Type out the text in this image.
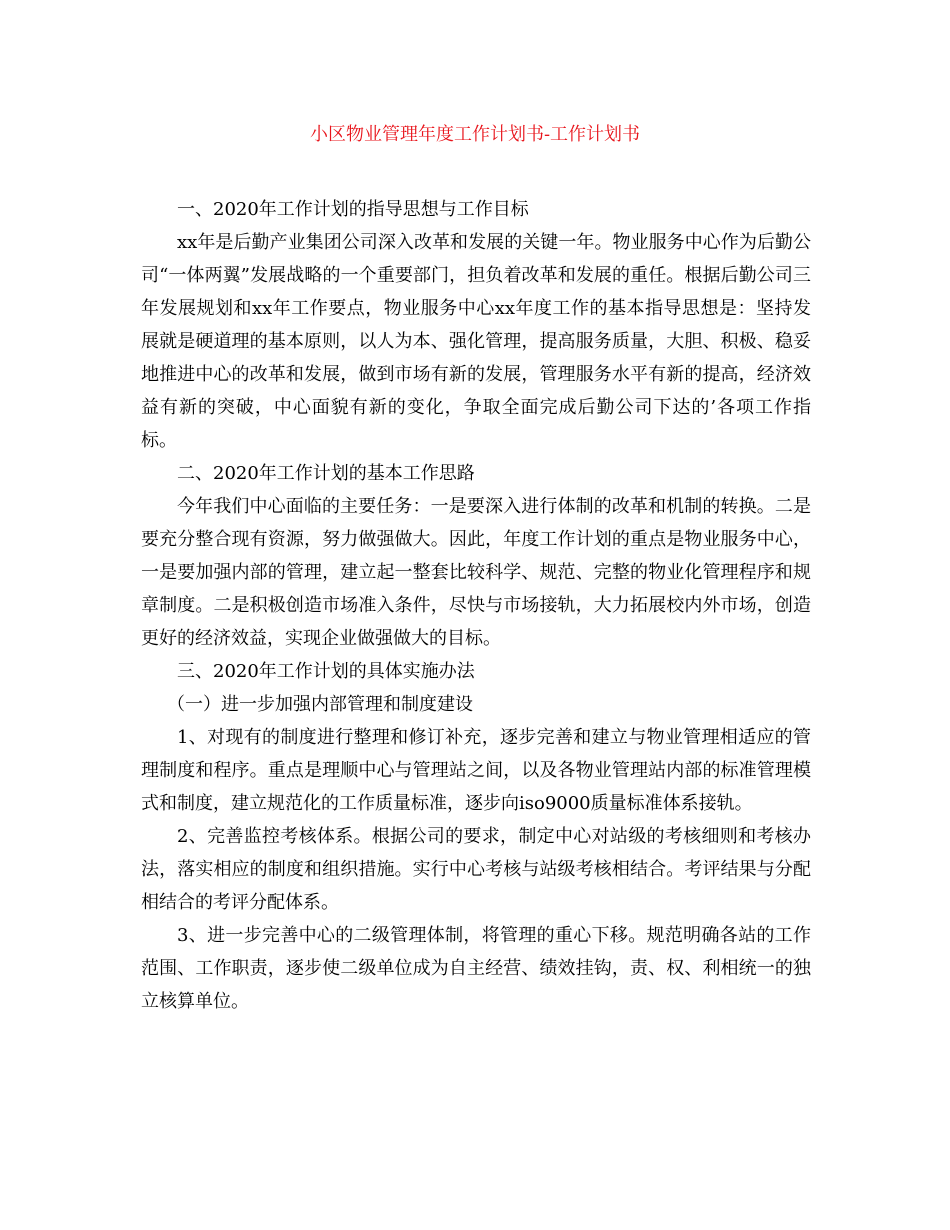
小区物业管理年度工作计划书-工作计划书

一、2020年工作计划的指导思想与工作目标

xx年是后勤产业集团公司深入改革和发展的关键一年。物业服务中心作为后勤公司“一体两翼”发展战略的一个重要部门，担负着改革和发展的重任。根据后勤公司三年发展规划和xx年工作要点，物业服务中心xx年度工作的基本指导思想是：坚持发展就是硬道理的基本原则，以人为本、强化管理，提高服务质量，大胆、积极、稳妥地推进中心的改革和发展，做到市场有新的发展，管理服务水平有新的提高，经济效益有新的突破，中心面貌有新的变化，争取全面完成后勤公司下达的’各项工作指标。

二、2020年工作计划的基本工作思路

今年我们中心面临的主要任务：一是要深入进行体制的改革和机制的转换。二是要充分整合现有资源，努力做强做大。因此，年度工作计划的重点是物业服务中心，一是要加强内部的管理，建立起一整套比较科学、规范、完整的物业化管理程序和规章制度。二是积极创造市场准入条件，尽快与市场接轨，大力拓展校内外市场，创造更好的经济效益，实现企业做强做大的目标。

三、2020年工作计划的具体实施办法

（一）进一步加强内部管理和制度建设

1、对现有的制度进行整理和修订补充，逐步完善和建立与物业管理相适应的管理制度和程序。重点是理顺中心与管理站之间，以及各物业管理站内部的标准管理模式和制度，建立规范化的工作质量标准，逐步向iso9000质量标准体系接轨。

2、完善监控考核体系。根据公司的要求，制定中心对站级的考核细则和考核办法，落实相应的制度和组织措施。实行中心考核与站级考核相结合。考评结果与分配相结合的考评分配体系。

3、进一步完善中心的二级管理体制，将管理的重心下移。规范明确各站的工作范围、工作职责，逐步使二级单位成为自主经营、绩效挂钩，责、权、利相统一的独立核算单位。
